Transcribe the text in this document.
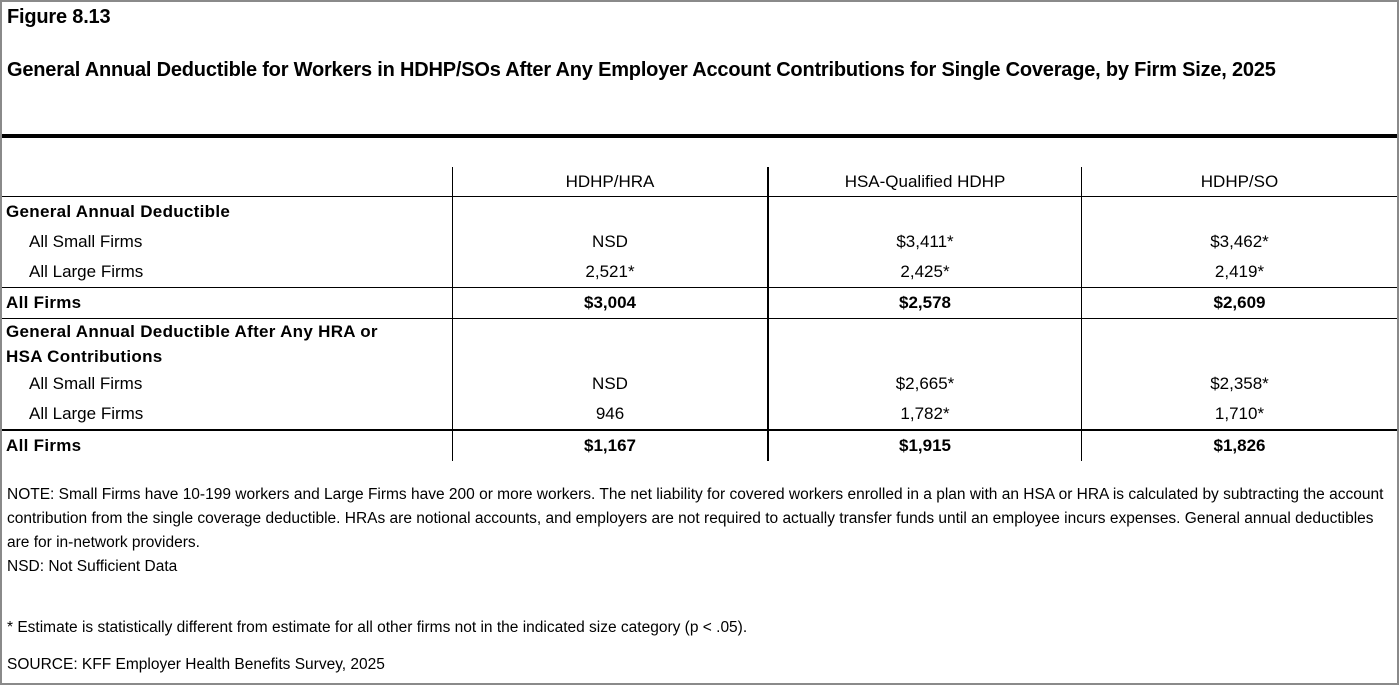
Figure 8.13
General Annual Deductible for Workers in HDHP/SOs After Any Employer Account Contributions for Single Coverage, by Firm Size, 2025
HDHP/HRA	HSA-Qualified HDHP	HDHP/SO
General Annual Deductible
All Small Firms	NSD	$3,411*	$3,462*
All Large Firms	2,521*	2,425*	2,419*
All Firms	$3,004	$2,578	$2,609
General Annual Deductible After Any HRA or
HSA Contributions
All Small Firms	NSD	$2,665*	$2,358*
All Large Firms	946	1,782*	1,710*
All Firms	$1,167	$1,915	$1,826
NOTE: Small Firms have 10-199 workers and Large Firms have 200 or more workers. The net liability for covered workers enrolled in a plan with an HSA or HRA is calculated by subtracting the account contribution from the single coverage deductible. HRAs are notional accounts, and employers are not required to actually transfer funds until an employee incurs expenses. General annual deductibles are for in-network providers.
NSD: Not Sufficient Data
* Estimate is statistically different from estimate for all other firms not in the indicated size category (p < .05).
SOURCE: KFF Employer Health Benefits Survey, 2025
